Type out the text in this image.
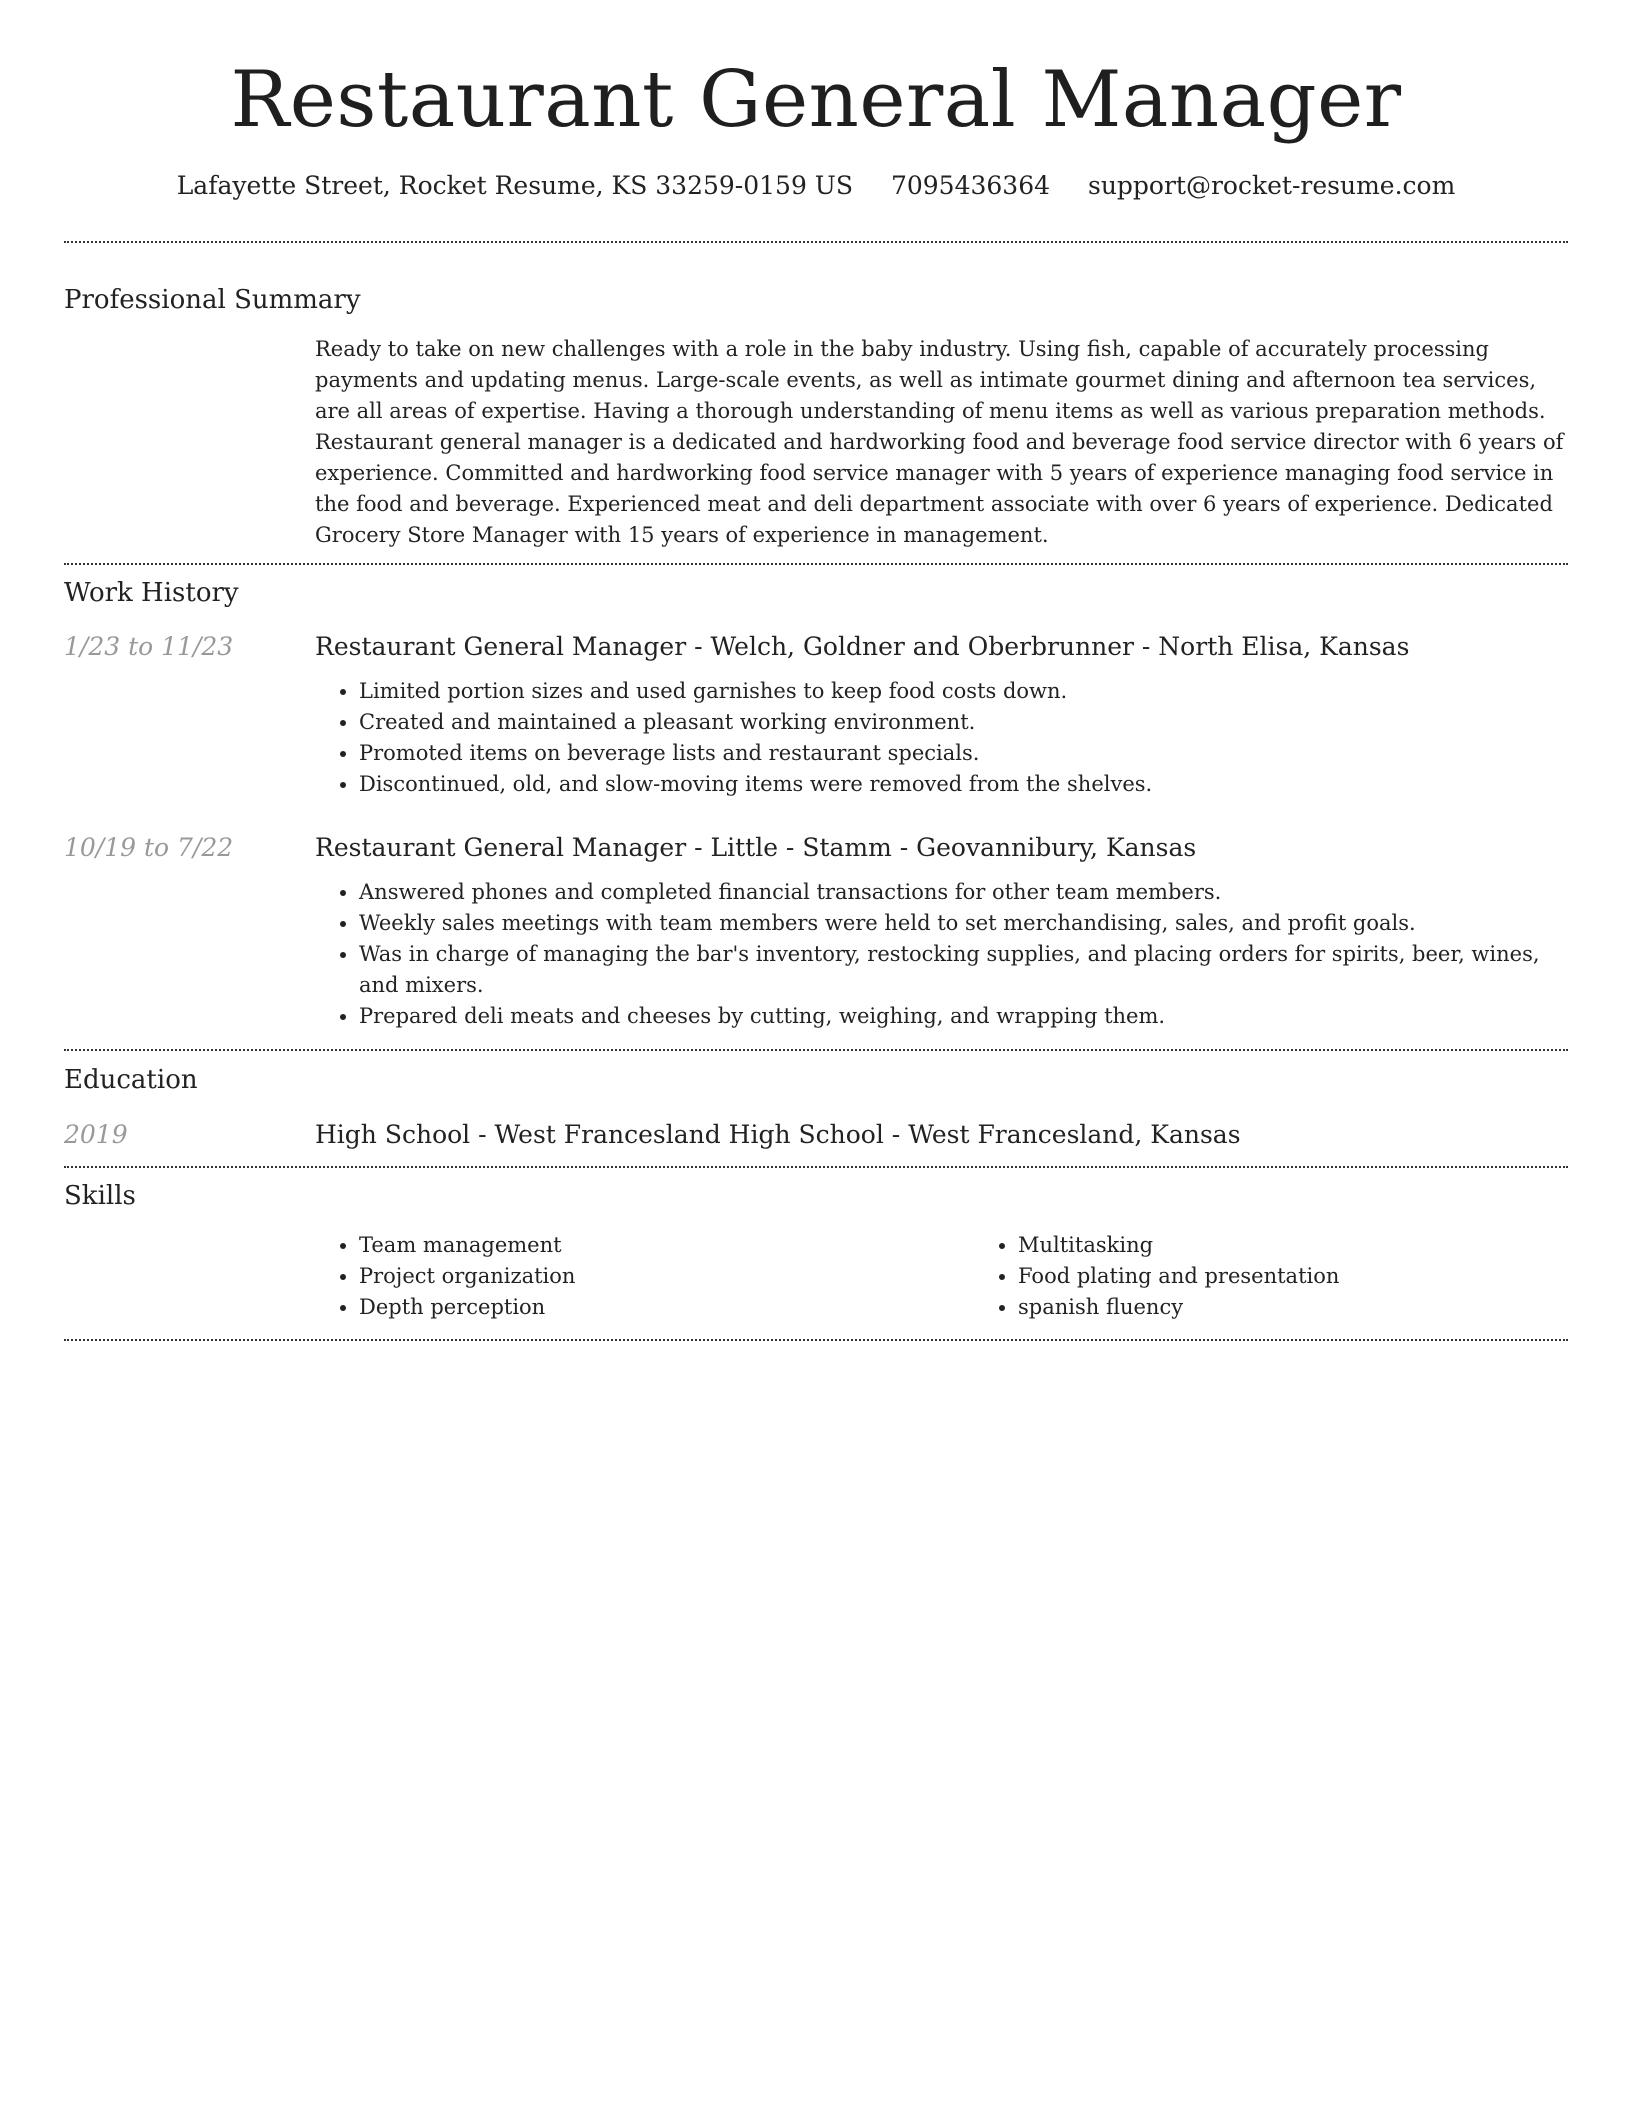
Restaurant General Manager
Lafayette Street, Rocket Resume, KS 33259-0159 US 7095436364 support@rocket-resume.com
Professional Summary
Ready to take on new challenges with a role in the baby industry. Using fish, capable of accurately processing payments and updating menus. Large-scale events, as well as intimate gourmet dining and afternoon tea services, are all areas of expertise. Having a thorough understanding of menu items as well as various preparation methods. Restaurant general manager is a dedicated and hardworking food and beverage food service director with 6 years of experience. Committed and hardworking food service manager with 5 years of experience managing food service in the food and beverage. Experienced meat and deli department associate with over 6 years of experience. Dedicated Grocery Store Manager with 15 years of experience in management.
Work History
1/23 to 11/23	Restaurant General Manager - Welch, Goldner and Oberbrunner - North Elisa, Kansas
• Limited portion sizes and used garnishes to keep food costs down.
• Created and maintained a pleasant working environment.
• Promoted items on beverage lists and restaurant specials.
• Discontinued, old, and slow-moving items were removed from the shelves.
10/19 to 7/22	Restaurant General Manager - Little - Stamm - Geovannibury, Kansas
• Answered phones and completed financial transactions for other team members.
• Weekly sales meetings with team members were held to set merchandising, sales, and profit goals.
• Was in charge of managing the bar's inventory, restocking supplies, and placing orders for spirits, beer, wines, and mixers.
• Prepared deli meats and cheeses by cutting, weighing, and wrapping them.
Education
2019	High School - West Francesland High School - West Francesland, Kansas
Skills
• Team management
• Project organization
• Depth perception
• Multitasking
• Food plating and presentation
• spanish fluency
